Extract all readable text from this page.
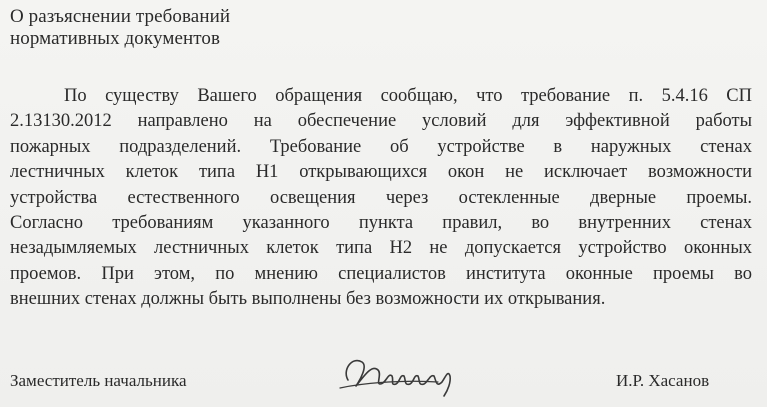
О разъяснении требований
нормативных документов
По существу Вашего обращения сообщаю, что требование п. 5.4.16 СП
2.13130.2012 направлено на обеспечение условий для эффективной работы
пожарных подразделений. Требование об устройстве в наружных стенах
лестничных клеток типа Н1 открывающихся окон не исключает возможности
устройства естественного освещения через остекленные дверные проемы.
Согласно требованиям указанного пункта правил, во внутренних стенах
незадымляемых лестничных клеток типа Н2 не допускается устройство оконных
проемов. При этом, по мнению специалистов института оконные проемы во
внешних стенах должны быть выполнены без возможности их открывания.
Заместитель начальника	И.Р. Хасанов
